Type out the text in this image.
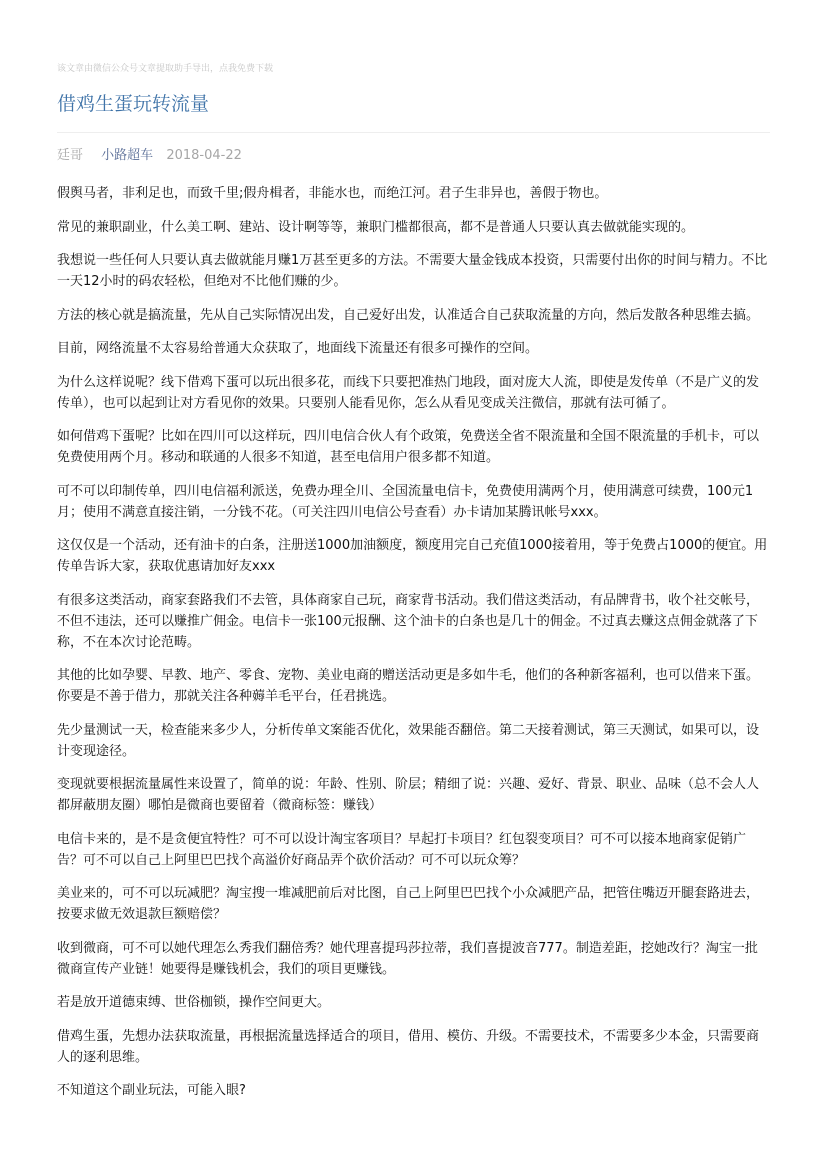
该文章由微信公众号文章提取助手导出，点我免费下载
借鸡生蛋玩转流量
廷哥 小路超车 2018-04-22

假舆马者，非利足也，而致千里;假舟楫者，非能水也，而绝江河。君子生非异也，善假于物也。

常见的兼职副业，什么美工啊、建站、设计啊等等，兼职门槛都很高，都不是普通人只要认真去做就能实现的。

我想说一些任何人只要认真去做就能月赚1万甚至更多的方法。不需要大量金钱成本投资，只需要付出你的时间与精力。不比一天12小时的码农轻松，但绝对不比他们赚的少。

方法的核心就是搞流量，先从自己实际情况出发，自己爱好出发，认准适合自己获取流量的方向，然后发散各种思维去搞。

目前，网络流量不太容易给普通大众获取了，地面线下流量还有很多可操作的空间。

为什么这样说呢？线下借鸡下蛋可以玩出很多花，而线下只要把准热门地段，面对庞大人流，即使是发传单（不是广义的发传单），也可以起到让对方看见你的效果。只要别人能看见你，怎么从看见变成关注微信，那就有法可循了。

如何借鸡下蛋呢？比如在四川可以这样玩，四川电信合伙人有个政策，免费送全省不限流量和全国不限流量的手机卡，可以免费使用两个月。移动和联通的人很多不知道，甚至电信用户很多都不知道。

可不可以印制传单，四川电信福利派送，免费办理全川、全国流量电信卡，免费使用满两个月，使用满意可续费，100元1月；使用不满意直接注销，一分钱不花。（可关注四川电信公号查看）办卡请加某腾讯帐号xxx。

这仅仅是一个活动，还有油卡的白条，注册送1000加油额度，额度用完自己充值1000接着用，等于免费占1000的便宜。用传单告诉大家，获取优惠请加好友xxx

有很多这类活动，商家套路我们不去管，具体商家自己玩，商家背书活动。我们借这类活动，有品牌背书，收个社交帐号，不但不违法，还可以赚推广佣金。电信卡一张100元报酬、这个油卡的白条也是几十的佣金。不过真去赚这点佣金就落了下称，不在本次讨论范畴。

其他的比如孕婴、早教、地产、零食、宠物、美业电商的赠送活动更是多如牛毛，他们的各种新客福利，也可以借来下蛋。你要是不善于借力，那就关注各种薅羊毛平台，任君挑选。

先少量测试一天，检查能来多少人，分析传单文案能否优化，效果能否翻倍。第二天接着测试，第三天测试，如果可以，设计变现途径。

变现就要根据流量属性来设置了，简单的说：年龄、性别、阶层；精细了说：兴趣、爱好、背景、职业、品味（总不会人人都屏蔽朋友圈）哪怕是微商也要留着（微商标签：赚钱）

电信卡来的，是不是贪便宜特性？可不可以设计淘宝客项目？早起打卡项目？红包裂变项目？可不可以接本地商家促销广告？可不可以自己上阿里巴巴找个高溢价好商品弄个砍价活动？可不可以玩众筹？

美业来的，可不可以玩减肥？淘宝搜一堆减肥前后对比图，自己上阿里巴巴找个小众减肥产品，把管住嘴迈开腿套路进去，按要求做无效退款巨额赔偿？

收到微商，可不可以她代理怎么秀我们翻倍秀？她代理喜提玛莎拉蒂，我们喜提波音777。制造差距，挖她改行？淘宝一批微商宣传产业链！她要得是赚钱机会，我们的项目更赚钱。

若是放开道德束缚、世俗枷锁，操作空间更大。

借鸡生蛋，先想办法获取流量，再根据流量选择适合的项目，借用、模仿、升级。不需要技术，不需要多少本金，只需要商人的逐利思维。

不知道这个副业玩法，可能入眼?
